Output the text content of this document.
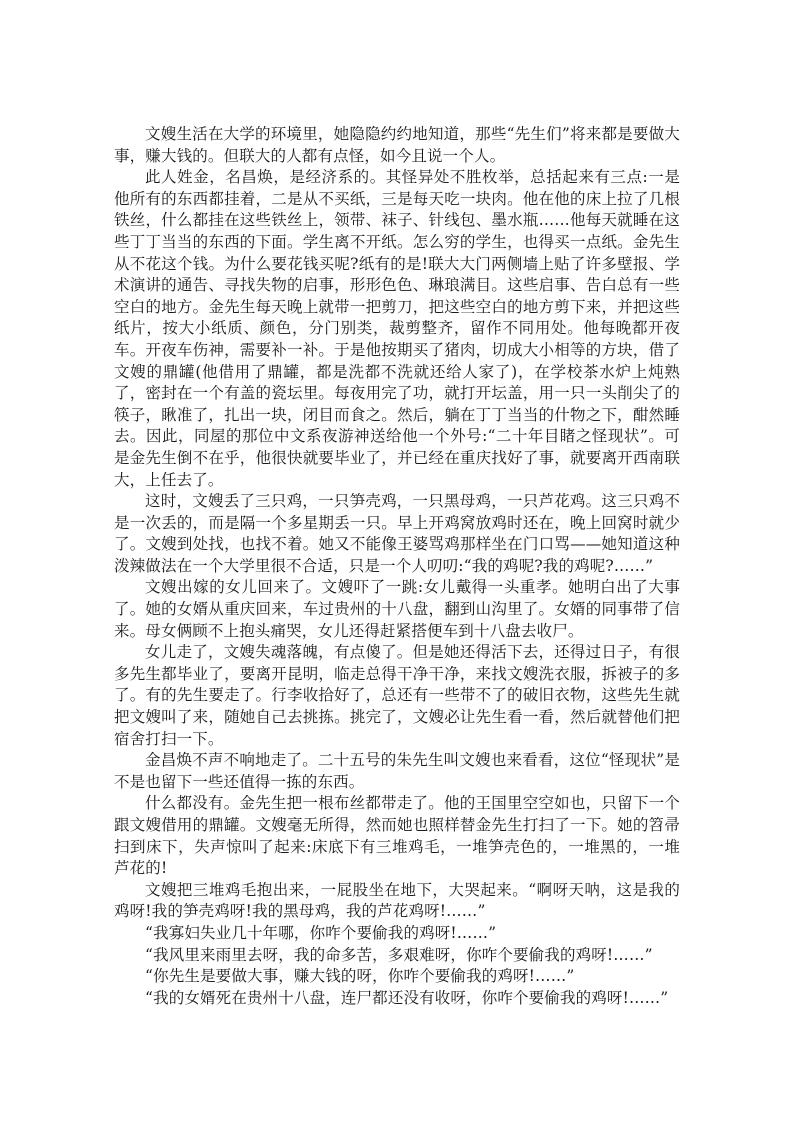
文嫂生活在大学的环境里，她隐隐约约地知道，那些“先生们”将来都是要做大事，赚大钱的。但联大的人都有点怪，如今且说一个人。

此人姓金，名昌焕，是经济系的。其怪异处不胜枚举，总括起来有三点:一是他所有的东西都挂着，二是从不买纸，三是每天吃一块肉。他在他的床上拉了几根铁丝，什么都挂在这些铁丝上，领带、袜子、针线包、墨水瓶……他每天就睡在这些丁丁当当的东西的下面。学生离不开纸。怎么穷的学生，也得买一点纸。金先生从不花这个钱。为什么要花钱买呢?纸有的是!联大大门两侧墙上贴了许多壁报、学术演讲的通告、寻找失物的启事，形形色色、琳琅满目。这些启事、告白总有一些空白的地方。金先生每天晚上就带一把剪刀，把这些空白的地方剪下来，并把这些纸片，按大小纸质、颜色，分门别类，裁剪整齐，留作不同用处。他每晚都开夜车。开夜车伤神，需要补一补。于是他按期买了猪肉，切成大小相等的方块，借了文嫂的鼎罐(他借用了鼎罐，都是洗都不洗就还给人家了)，在学校茶水炉上炖熟了，密封在一个有盖的瓷坛里。每夜用完了功，就打开坛盖，用一只一头削尖了的筷子，瞅准了，扎出一块，闭目而食之。然后，躺在丁丁当当的什物之下，酣然睡去。因此，同屋的那位中文系夜游神送给他一个外号:“二十年目睹之怪现状”。可是金先生倒不在乎，他很快就要毕业了，并已经在重庆找好了事，就要离开西南联大，上任去了。

这时，文嫂丢了三只鸡，一只笋壳鸡，一只黑母鸡，一只芦花鸡。这三只鸡不是一次丢的，而是隔一个多星期丢一只。早上开鸡窝放鸡时还在，晚上回窝时就少了。文嫂到处找，也找不着。她又不能像王婆骂鸡那样坐在门口骂——她知道这种泼辣做法在一个大学里很不合适，只是一个人叨叨:“我的鸡呢?我的鸡呢?……”

文嫂出嫁的女儿回来了。文嫂吓了一跳:女儿戴得一头重孝。她明白出了大事了。她的女婿从重庆回来，车过贵州的十八盘，翻到山沟里了。女婿的同事带了信来。母女俩顾不上抱头痛哭，女儿还得赶紧搭便车到十八盘去收尸。

女儿走了，文嫂失魂落魄，有点傻了。但是她还得活下去，还得过日子，有很多先生都毕业了，要离开昆明，临走总得干净干净，来找文嫂洗衣服，拆被子的多了。有的先生要走了。行李收拾好了，总还有一些带不了的破旧衣物，这些先生就把文嫂叫了来，随她自己去挑拣。挑完了，文嫂必让先生看一看，然后就替他们把宿舍打扫一下。

金昌焕不声不响地走了。二十五号的朱先生叫文嫂也来看看，这位“怪现状”是不是也留下一些还值得一拣的东西。

什么都没有。金先生把一根布丝都带走了。他的王国里空空如也，只留下一个跟文嫂借用的鼎罐。文嫂毫无所得，然而她也照样替金先生打扫了一下。她的笤帚扫到床下，失声惊叫了起来:床底下有三堆鸡毛，一堆笋壳色的，一堆黑的，一堆芦花的!

文嫂把三堆鸡毛抱出来，一屁股坐在地下，大哭起来。“啊呀天呐，这是我的鸡呀!我的笋壳鸡呀!我的黑母鸡，我的芦花鸡呀!……”

“我寡妇失业几十年哪，你咋个要偷我的鸡呀!……”

“我风里来雨里去呀，我的命多苦，多艰难呀，你咋个要偷我的鸡呀!……”

“你先生是要做大事，赚大钱的呀，你咋个要偷我的鸡呀!……”

“我的女婿死在贵州十八盘，连尸都还没有收呀，你咋个要偷我的鸡呀!……”
